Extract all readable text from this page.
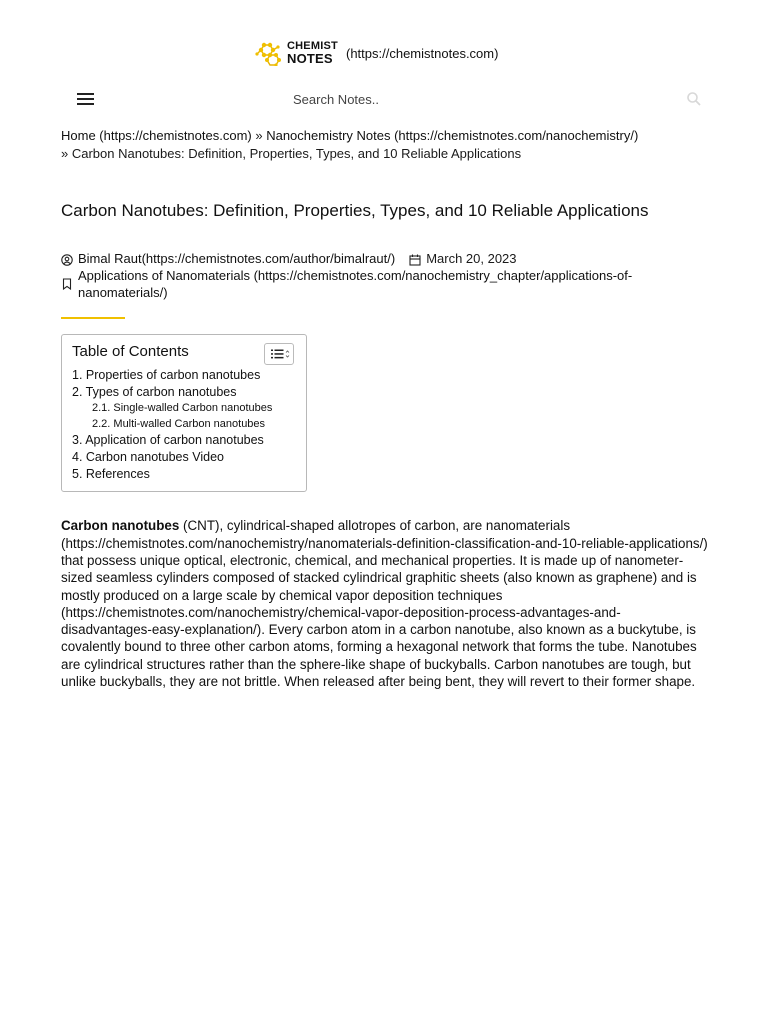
CHEMIST
NOTES	(https://chemistnotes.com)
Search Notes..
Home (https://chemistnotes.com) » Nanochemistry Notes (https://chemistnotes.com/nanochemistry/)
» Carbon Nanotubes: Definition, Properties, Types, and 10 Reliable Applications
Carbon Nanotubes: Definition, Properties, Types, and 10 Reliable Applications
Bimal Raut(https://chemistnotes.com/author/bimalraut/) March 20, 2023
Applications of Nanomaterials (https://chemistnotes.com/nanochemistry_chapter/applications-of-nanomaterials/)
Table of Contents
1. Properties of carbon nanotubes
2. Types of carbon nanotubes
2.1. Single-walled Carbon nanotubes
2.2. Multi-walled Carbon nanotubes
3. Application of carbon nanotubes
4. Carbon nanotubes Video
5. References

Carbon nanotubes (CNT), cylindrical-shaped allotropes of carbon, are nanomaterials (https://chemistnotes.com/nanochemistry/nanomaterials-definition-classification-and-10-reliable-applications/) that possess unique optical, electronic, chemical, and mechanical properties. It is made up of nanometer-sized seamless cylinders composed of stacked cylindrical graphitic sheets (also known as graphene) and is mostly produced on a large scale by chemical vapor deposition techniques (https://chemistnotes.com/nanochemistry/chemical-vapor-deposition-process-advantages-and-disadvantages-easy-explanation/). Every carbon atom in a carbon nanotube, also known as a buckytube, is covalently bound to three other carbon atoms, forming a hexagonal network that forms the tube. Nanotubes are cylindrical structures rather than the sphere-like shape of buckyballs. Carbon nanotubes are tough, but unlike buckyballs, they are not brittle. When released after being bent, they will revert to their former shape.
